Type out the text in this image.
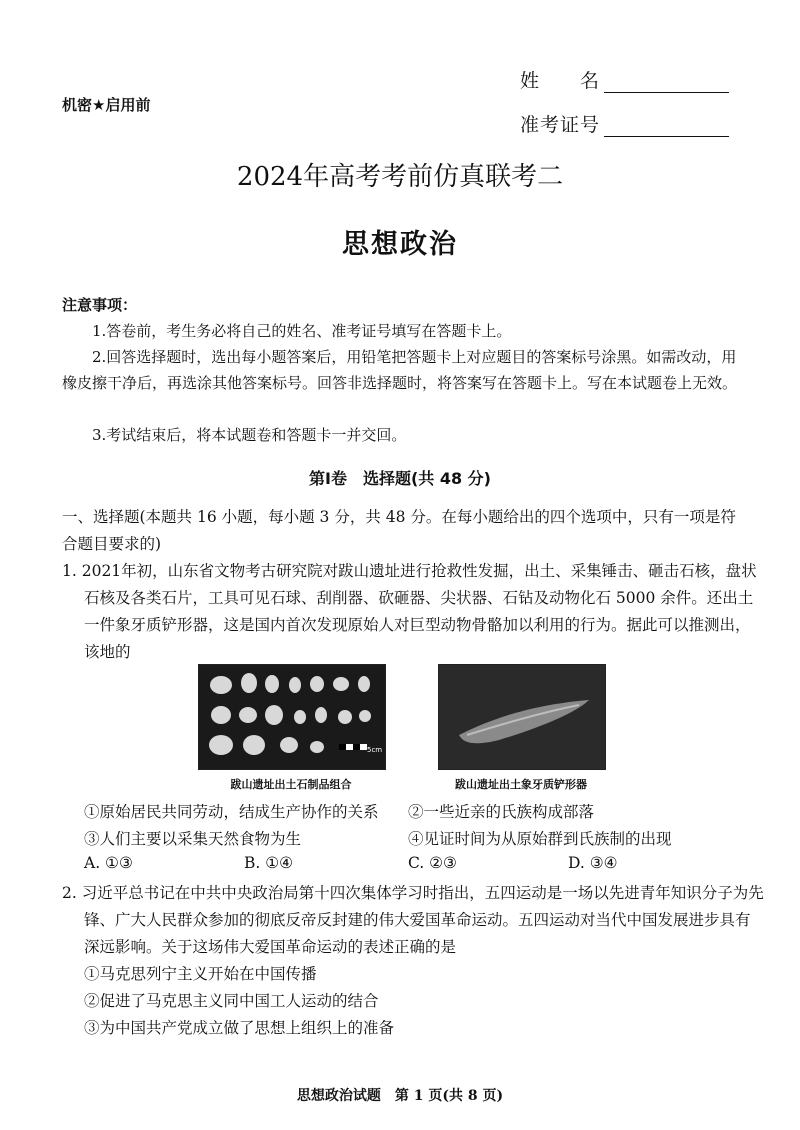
机密★启用前
姓　　名
准考证号
2024年高考考前仿真联考二
思想政治
注意事项：
1.答卷前，考生务必将自己的姓名、准考证号填写在答题卡上。
2.回答选择题时，选出每小题答案后，用铅笔把答题卡上对应题目的答案标号涂黑。如需改动，用橡皮擦干净后，再选涂其他答案标号。回答非选择题时，将答案写在答题卡上。写在本试题卷上无效。
3.考试结束后，将本试题卷和答题卡一并交回。
第Ⅰ卷　选择题(共 48 分)
一、选择题(本题共 16 小题，每小题 3 分，共 48 分。在每小题给出的四个选项中，只有一项是符合题目要求的)
1. 2021年初，山东省文物考古研究院对跋山遗址进行抢救性发掘，出土、采集锤击、砸击石核，盘状石核及各类石片，工具可见石球、刮削器、砍砸器、尖状器、石钻及动物化石 5000 余件。还出土一件象牙质铲形器，这是国内首次发现原始人对巨型动物骨骼加以利用的行为。据此可以推测出，该地的
5cm
跋山遗址出土石制品组合	跋山遗址出土象牙质铲形器
①原始居民共同劳动，结成生产协作的关系 ②一些近亲的氏族构成部落
③人们主要以采集天然食物为生	④见证时间为从原始群到氏族制的出现
A. ①③	B. ①④	C. ②③	D. ③④
2. 习近平总书记在中共中央政治局第十四次集体学习时指出，五四运动是一场以先进青年知识分子为先锋、广大人民群众参加的彻底反帝反封建的伟大爱国革命运动。五四运动对当代中国发展进步具有深远影响。关于这场伟大爱国革命运动的表述正确的是
①马克思列宁主义开始在中国传播
②促进了马克思主义同中国工人运动的结合
③为中国共产党成立做了思想上组织上的准备
思想政治试题　第 1 页(共 8 页)
